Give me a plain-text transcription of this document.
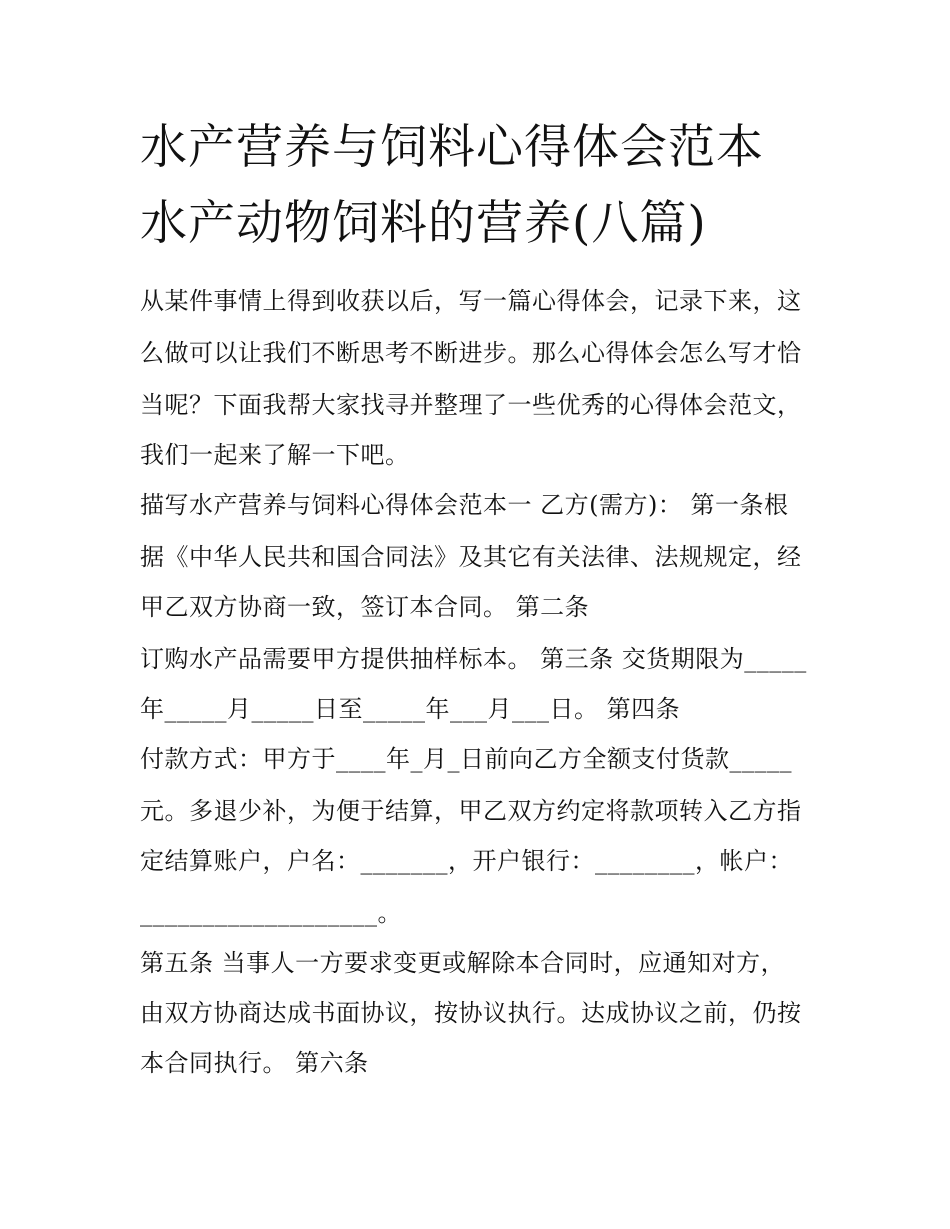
水产营养与饲料心得体会范本
水产动物饲料的营养(八篇)
从某件事情上得到收获以后，写一篇心得体会，记录下来，这
么做可以让我们不断思考不断进步。那么心得体会怎么写才恰
当呢？下面我帮大家找寻并整理了一些优秀的心得体会范文，
我们一起来了解一下吧。
描写水产营养与饲料心得体会范本一 乙方(需方)： 第一条根
据《中华人民共和国合同法》及其它有关法律、法规规定，经
甲乙双方协商一致，签订本合同。 第二条
订购水产品需要甲方提供抽样标本。 第三条 交货期限为_____
年_____月_____日至_____年___月___日。 第四条
付款方式：甲方于____年_月_日前向乙方全额支付货款_____
元。多退少补，为便于结算，甲乙双方约定将款项转入乙方指
定结算账户，户名：_______，开户银行：________，帐户：
___________________。
第五条 当事人一方要求变更或解除本合同时，应通知对方，
由双方协商达成书面协议，按协议执行。达成协议之前，仍按
本合同执行。 第六条
